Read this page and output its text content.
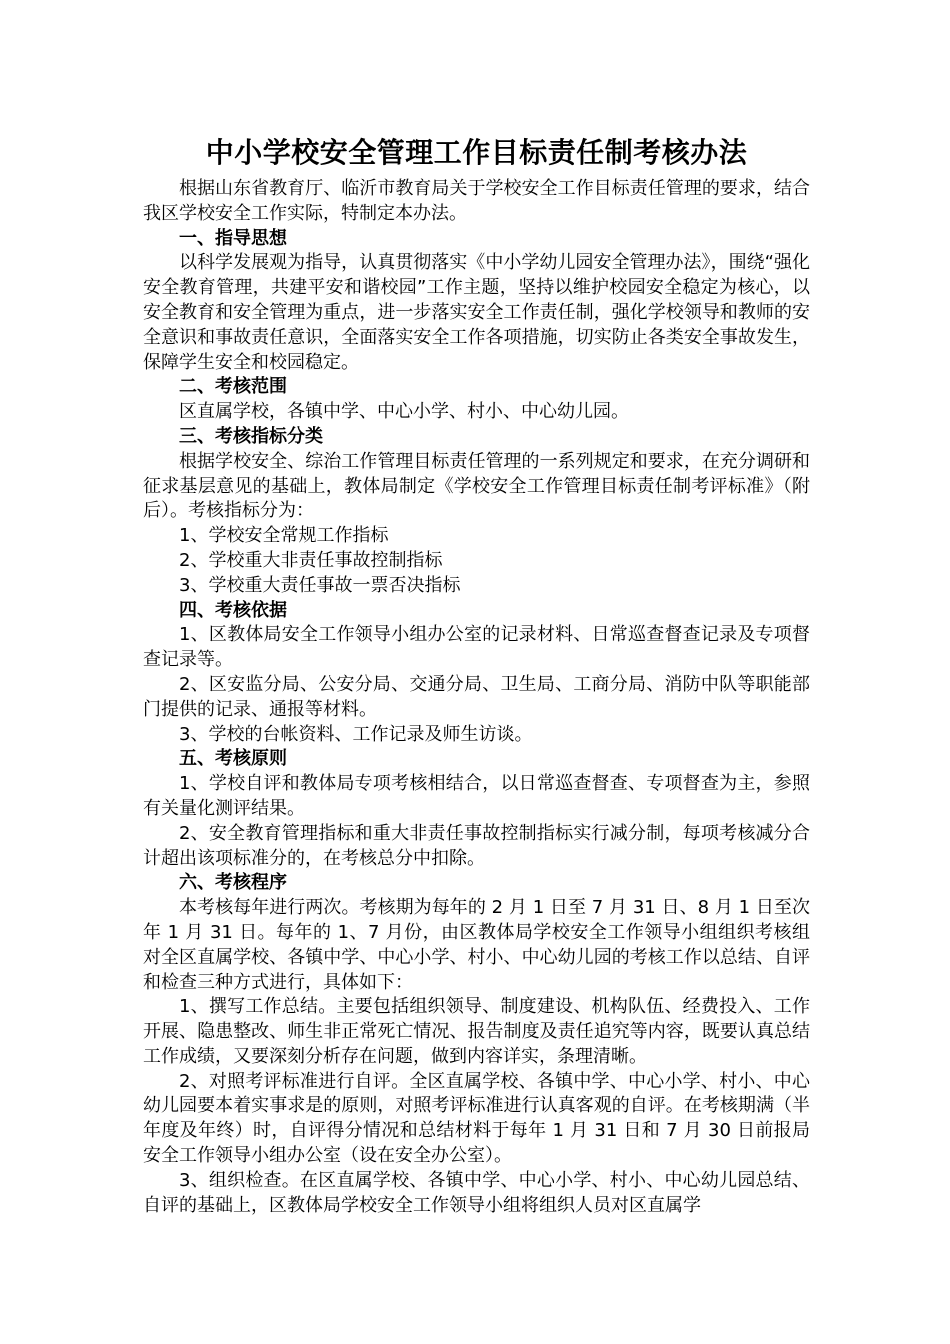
中小学校安全管理工作目标责任制考核办法

根据山东省教育厅、临沂市教育局关于学校安全工作目标责任管理的要求，结合我区学校安全工作实际，特制定本办法。

一、指导思想

以科学发展观为指导，认真贯彻落实《中小学幼儿园安全管理办法》，围绕“强化安全教育管理，共建平安和谐校园”工作主题，坚持以维护校园安全稳定为核心，以安全教育和安全管理为重点，进一步落实安全工作责任制，强化学校领导和教师的安全意识和事故责任意识，全面落实安全工作各项措施，切实防止各类安全事故发生，保障学生安全和校园稳定。

二、考核范围

区直属学校，各镇中学、中心小学、村小、中心幼儿园。

三、考核指标分类

根据学校安全、综治工作管理目标责任管理的一系列规定和要求，在充分调研和征求基层意见的基础上，教体局制定《学校安全工作管理目标责任制考评标准》（附后）。考核指标分为：

1、学校安全常规工作指标

2、学校重大非责任事故控制指标

3、学校重大责任事故一票否决指标

四、考核依据

1、区教体局安全工作领导小组办公室的记录材料、日常巡查督查记录及专项督查记录等。

2、区安监分局、公安分局、交通分局、卫生局、工商分局、消防中队等职能部门提供的记录、通报等材料。

3、学校的台帐资料、工作记录及师生访谈。

五、考核原则

1、学校自评和教体局专项考核相结合，以日常巡查督查、专项督查为主，参照有关量化测评结果。

2、安全教育管理指标和重大非责任事故控制指标实行减分制，每项考核减分合计超出该项标准分的，在考核总分中扣除。

六、考核程序

本考核每年进行两次。考核期为每年的 2 月 1 日至 7 月 31 日、8 月 1 日至次年 1 月 31 日。每年的 1、7 月份，由区教体局学校安全工作领导小组组织考核组对全区直属学校、各镇中学、中心小学、村小、中心幼儿园的考核工作以总结、自评和检查三种方式进行，具体如下：

1、撰写工作总结。主要包括组织领导、制度建设、机构队伍、经费投入、工作开展、隐患整改、师生非正常死亡情况、报告制度及责任追究等内容，既要认真总结工作成绩，又要深刻分析存在问题，做到内容详实，条理清晰。

2、对照考评标准进行自评。全区直属学校、各镇中学、中心小学、村小、中心幼儿园要本着实事求是的原则，对照考评标准进行认真客观的自评。在考核期满（半年度及年终）时，自评得分情况和总结材料于每年 1 月 31 日和 7 月 30 日前报局安全工作领导小组办公室（设在安全办公室）。

3、组织检查。在区直属学校、各镇中学、中心小学、村小、中心幼儿园总结、自评的基础上，区教体局学校安全工作领导小组将组织人员对区直属学
